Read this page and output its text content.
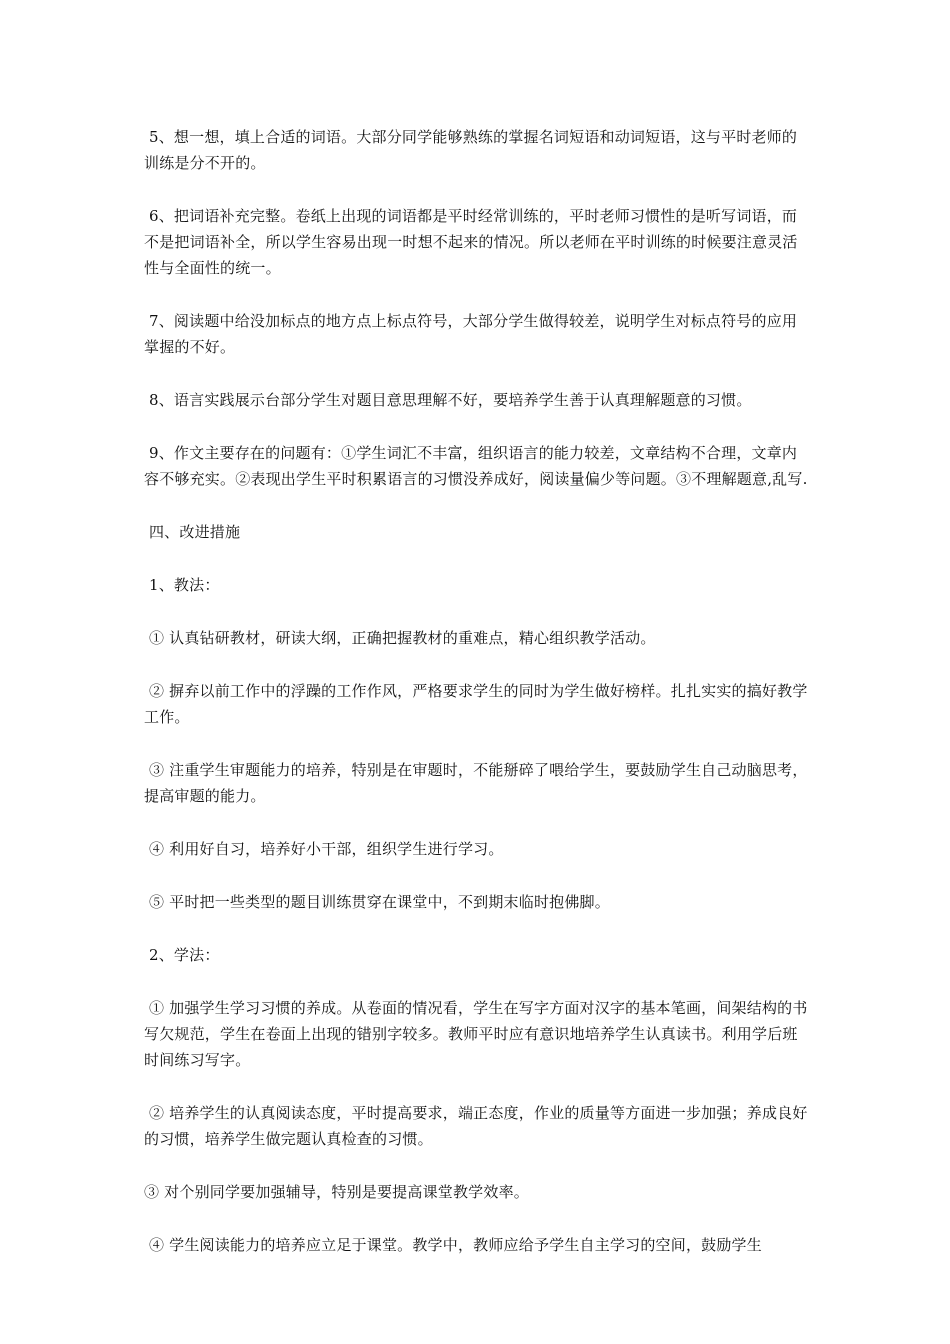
5、想一想，填上合适的词语。大部分同学能够熟练的掌握名词短语和动词短语，这与平时老师的训练是分不开的。

6、把词语补充完整。卷纸上出现的词语都是平时经常训练的，平时老师习惯性的是听写词语，而不是把词语补全，所以学生容易出现一时想不起来的情况。所以老师在平时训练的时候要注意灵活性与全面性的统一。

7、阅读题中给没加标点的地方点上标点符号，大部分学生做得较差，说明学生对标点符号的应用掌握的不好。

8、语言实践展示台部分学生对题目意思理解不好，要培养学生善于认真理解题意的习惯。

9、作文主要存在的问题有：①学生词汇不丰富，组织语言的能力较差，文章结构不合理，文章内容不够充实。②表现出学生平时积累语言的习惯没养成好，阅读量偏少等问题。③不理解题意,乱写.

四、改进措施

1、教法：

① 认真钻研教材，研读大纲，正确把握教材的重难点，精心组织教学活动。

② 摒弃以前工作中的浮躁的工作作风，严格要求学生的同时为学生做好榜样。扎扎实实的搞好教学工作。

③ 注重学生审题能力的培养，特别是在审题时，不能掰碎了喂给学生，要鼓励学生自己动脑思考，提高审题的能力。

④ 利用好自习，培养好小干部，组织学生进行学习。

⑤ 平时把一些类型的题目训练贯穿在课堂中，不到期末临时抱佛脚。

2、学法：

① 加强学生学习习惯的养成。从卷面的情况看，学生在写字方面对汉字的基本笔画，间架结构的书写欠规范，学生在卷面上出现的错别字较多。教师平时应有意识地培养学生认真读书。利用学后班时间练习写字。

② 培养学生的认真阅读态度，平时提高要求，端正态度，作业的质量等方面进一步加强；养成良好的习惯，培养学生做完题认真检查的习惯。

③ 对个别同学要加强辅导，特别是要提高课堂教学效率。

④ 学生阅读能力的培养应立足于课堂。教学中，教师应给予学生自主学习的空间，鼓励学生
